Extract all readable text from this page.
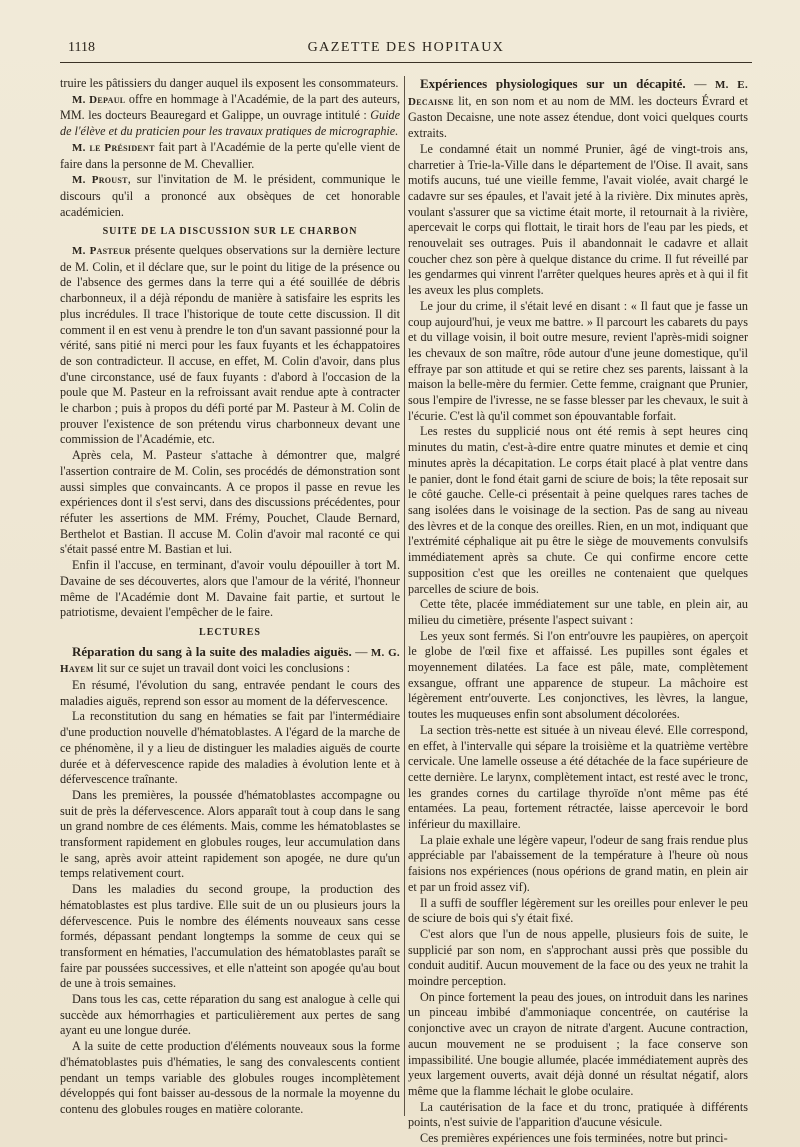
1118	GAZETTE DES HOPITAUX

truire les pâtissiers du danger auquel ils exposent les consommateurs.

M. Depaul offre en hommage à l'Académie, de la part des auteurs, MM. les docteurs Beauregard et Galippe, un ouvrage intitulé : Guide de l'élève et du praticien pour les travaux pratiques de micrographie.

M. le Président fait part à l'Académie de la perte qu'elle vient de faire dans la personne de M. Chevallier.

M. Proust, sur l'invitation de M. le président, communique le discours qu'il a prononcé aux obsèques de cet honorable académicien.

SUITE DE LA DISCUSSION SUR LE CHARBON

M. Pasteur présente quelques observations sur la dernière lecture de M. Colin, et il déclare que, sur le point du litige de la présence ou de l'absence des germes dans la terre qui a été souillée de débris charbonneux, il a déjà répondu de manière à satisfaire les esprits les plus incrédules. Il trace l'historique de toute cette discussion. Il dit comment il en est venu à prendre le ton d'un savant passionné pour la vérité, sans pitié ni merci pour les faux fuyants et les échappatoires de son contradicteur. Il accuse, en effet, M. Colin d'avoir, dans plus d'une circonstance, usé de faux fuyants : d'abord à l'occasion de la poule que M. Pasteur en la refroissant avait rendue apte à contracter le charbon ; puis à propos du défi porté par M. Pasteur à M. Colin de prouver l'existence de son prétendu virus charbonneux devant une commission de l'Académie, etc.

Après cela, M. Pasteur s'attache à démontrer que, malgré l'assertion contraire de M. Colin, ses procédés de démonstration sont aussi simples que convaincants. A ce propos il passe en revue les expériences dont il s'est servi, dans des discussions précédentes, pour réfuter les assertions de MM. Frémy, Pouchet, Claude Bernard, Berthelot et Bastian. Il accuse M. Colin d'avoir mal raconté ce qui s'était passé entre M. Bastian et lui.

Enfin il l'accuse, en terminant, d'avoir voulu dépouiller à tort M. Davaine de ses découvertes, alors que l'amour de la vérité, l'honneur même de l'Académie dont M. Davaine fait partie, et surtout le patriotisme, devaient l'empêcher de le faire.

LECTURES

Réparation du sang à la suite des maladies aiguës. — M. G. Hayem lit sur ce sujet un travail dont voici les conclusions :

En résumé, l'évolution du sang, entravée pendant le cours des maladies aiguës, reprend son essor au moment de la défervescence.

La reconstitution du sang en hématies se fait par l'intermédiaire d'une production nouvelle d'hématoblastes. A l'égard de la marche de ce phénomène, il y a lieu de distinguer les maladies aiguës de courte durée et à défervescence rapide des maladies à évolution lente et à défervescence traînante.

Dans les premières, la poussée d'hématoblastes accompagne ou suit de près la défervescence. Alors apparaît tout à coup dans le sang un grand nombre de ces éléments. Mais, comme les hématoblastes se transforment rapidement en globules rouges, leur accumulation dans le sang, après avoir atteint rapidement son apogée, ne dure qu'un temps relativement court.

Dans les maladies du second groupe, la production des hématoblastes est plus tardive. Elle suit de un ou plusieurs jours la défervescence. Puis le nombre des éléments nouveaux sans cesse formés, dépassant pendant longtemps la somme de ceux qui se transforment en hématies, l'accumulation des hématoblastes paraît se faire par poussées successives, et elle n'atteint son apogée qu'au bout de une à trois semaines.

Dans tous les cas, cette réparation du sang est analogue à celle qui succède aux hémorrhagies et particulièrement aux pertes de sang ayant eu une longue durée.

A la suite de cette production d'éléments nouveaux sous la forme d'hématoblastes puis d'hématies, le sang des convalescents contient pendant un temps variable des globules rouges incomplètement développés qui font baisser au-dessous de la normale la moyenne du contenu des globules rouges en matière colorante.

Expériences physiologiques sur un décapité. — M. E. Decaisne lit, en son nom et au nom de MM. les docteurs Évrard et Gaston Decaisne, une note assez étendue, dont voici quelques courts extraits.

Le condamné était un nommé Prunier, âgé de vingt-trois ans, charretier à Trie-la-Ville dans le département de l'Oise. Il avait, sans motifs aucuns, tué une vieille femme, l'avait violée, avait chargé le cadavre sur ses épaules, et l'avait jeté à la rivière. Dix minutes après, voulant s'assurer que sa victime était morte, il retournait à la rivière, apercevait le corps qui flottait, le tirait hors de l'eau par les pieds, et renouvelait ses outrages. Puis il abandonnait le cadavre et allait coucher chez son père à quelque distance du crime. Il fut réveillé par les gendarmes qui vinrent l'arrêter quelques heures après et à qui il fit les aveux les plus complets.

Le jour du crime, il s'était levé en disant : « Il faut que je fasse un coup aujourd'hui, je veux me battre. » Il parcourt les cabarets du pays et du village voisin, il boit outre mesure, revient l'après-midi soigner les chevaux de son maître, rôde autour d'une jeune domestique, qu'il effraye par son attitude et qui se retire chez ses parents, laissant à la maison la belle-mère du fermier. Cette femme, craignant que Prunier, sous l'empire de l'ivresse, ne se fasse blesser par les chevaux, le suit à l'écurie. C'est là qu'il commet son épouvantable forfait.

Les restes du supplicié nous ont été remis à sept heures cinq minutes du matin, c'est-à-dire entre quatre minutes et demie et cinq minutes après la décapitation. Le corps était placé à plat ventre dans le panier, dont le fond était garni de sciure de bois; la tête reposait sur le côté gauche. Celle-ci présentait à peine quelques rares taches de sang isolées dans le voisinage de la section. Pas de sang au niveau des lèvres et de la conque des oreilles. Rien, en un mot, indiquant que l'extrémité céphalique ait pu être le siège de mouvements convulsifs immédiatement après sa chute. Ce qui confirme encore cette supposition c'est que les oreilles ne contenaient que quelques parcelles de sciure de bois.

Cette tête, placée immédiatement sur une table, en plein air, au milieu du cimetière, présente l'aspect suivant :

Les yeux sont fermés. Si l'on entr'ouvre les paupières, on aperçoit le globe de l'œil fixe et affaissé. Les pupilles sont égales et moyennement dilatées. La face est pâle, mate, complètement exsangue, offrant une apparence de stupeur. La mâchoire est légèrement entr'ouverte. Les conjonctives, les lèvres, la langue, toutes les muqueuses enfin sont absolument décolorées.

La section très-nette est située à un niveau élevé. Elle correspond, en effet, à l'intervalle qui sépare la troisième et la quatrième vertèbre cervicale. Une lamelle osseuse a été détachée de la face supérieure de cette dernière. Le larynx, complètement intact, est resté avec le tronc, les grandes cornes du cartilage thyroïde n'ont même pas été entamées. La peau, fortement rétractée, laisse apercevoir le bord inférieur du maxillaire.

La plaie exhale une légère vapeur, l'odeur de sang frais rendue plus appréciable par l'abaissement de la température à l'heure où nous faisions nos expériences (nous opérions de grand matin, en plein air et par un froid assez vif).

Il a suffi de souffler légèrement sur les oreilles pour enlever le peu de sciure de bois qui s'y était fixé.

C'est alors que l'un de nous appelle, plusieurs fois de suite, le supplicié par son nom, en s'approchant aussi près que possible du conduit auditif. Aucun mouvement de la face ou des yeux ne trahit la moindre perception.

On pince fortement la peau des joues, on introduit dans les narines un pinceau imbibé d'ammoniaque concentrée, on cautérise la conjonctive avec un crayon de nitrate d'argent. Aucune contraction, aucun mouvement ne se produisent ; la face conserve son impassibilité. Une bougie allumée, placée immédiatement auprès des yeux largement ouverts, avait déjà donné un résultat négatif, alors même que la flamme léchait le globe oculaire.

La cautérisation de la face et du tronc, pratiquée à différents points, n'est suivie de l'apparition d'aucune vésicule.

Ces premières expériences une fois terminées, notre but princi-
